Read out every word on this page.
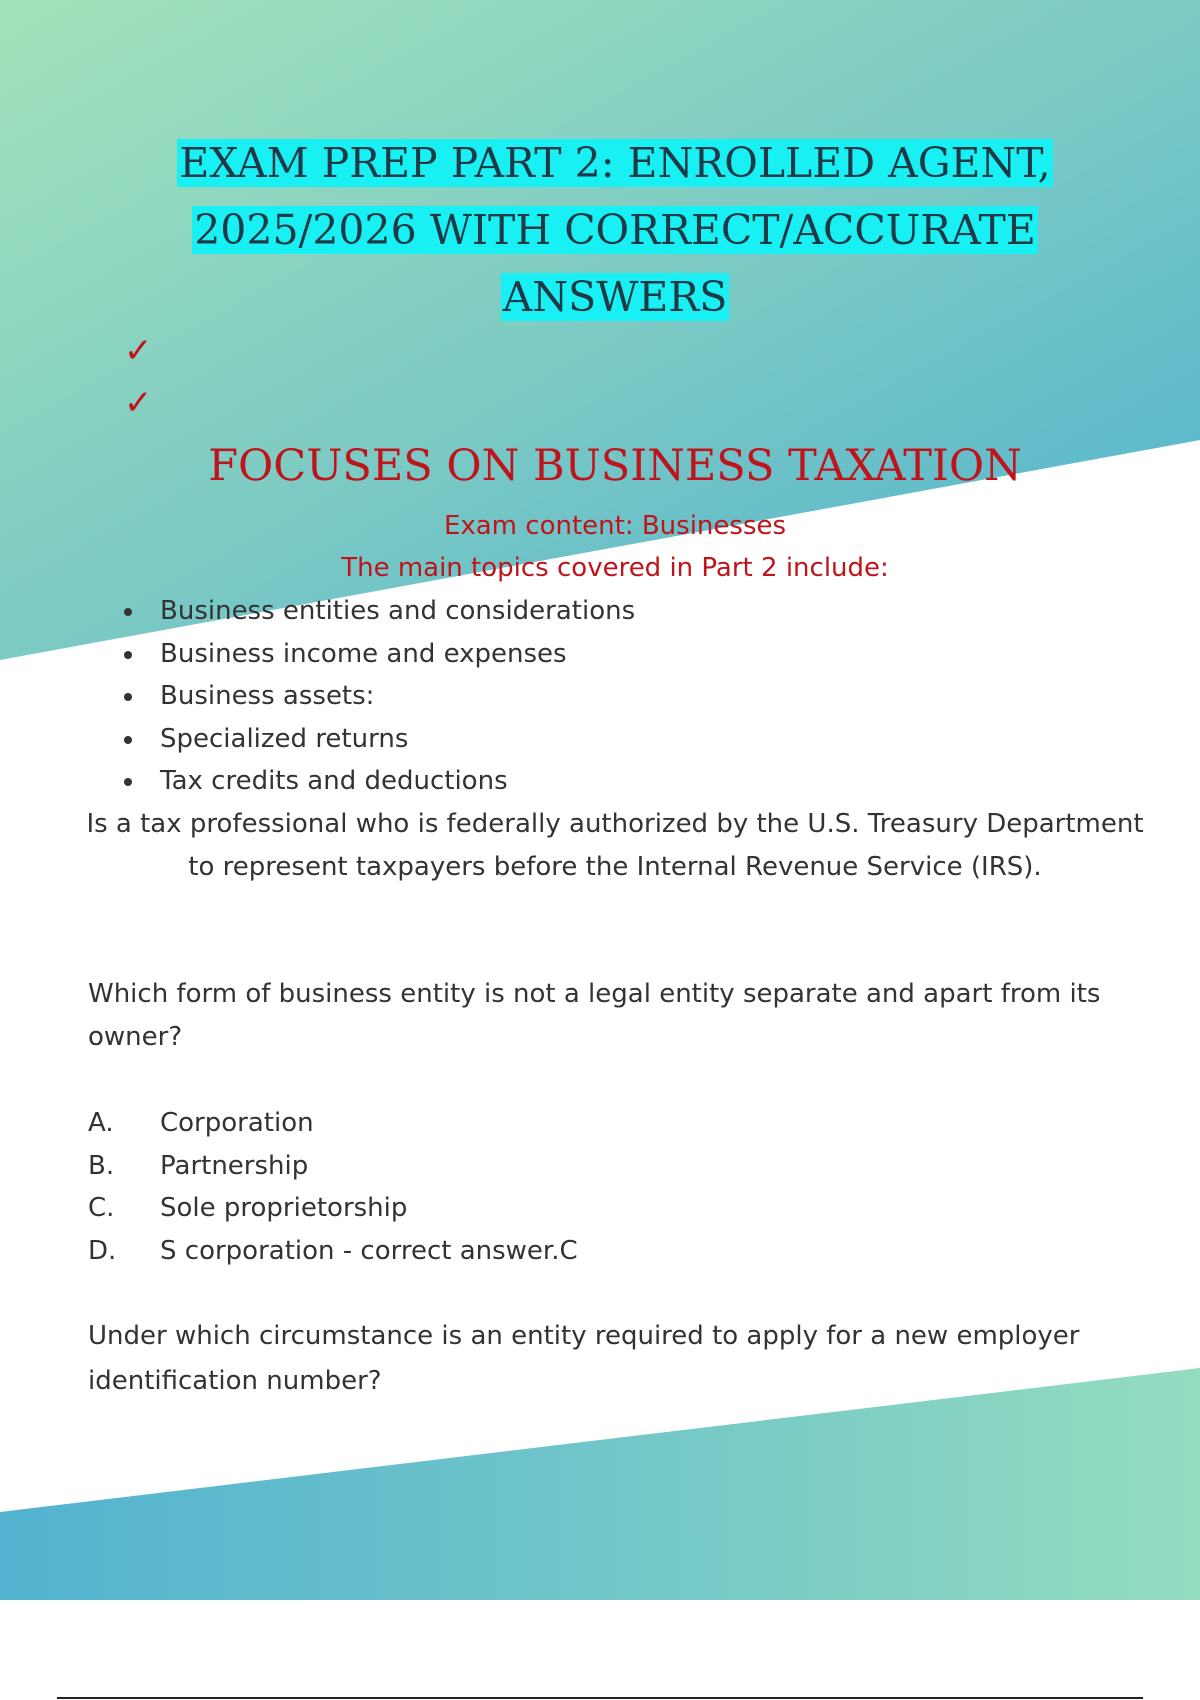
EXAM PREP PART 2: ENROLLED AGENT,
2025/2026 WITH CORRECT/ACCURATE
ANSWERS
✓
✓
FOCUSES ON BUSINESS TAXATION
Exam content: Businesses
The main topics covered in Part 2 include:
Business entities and considerations
Business income and expenses
Business assets:
Specialized returns
Tax credits and deductions

Is a tax professional who is federally authorized by the U.S. Treasury Department to represent taxpayers before the Internal Revenue Service (IRS).

Which form of business entity is not a legal entity separate and apart from its owner?

A.	Corporation
B.	Partnership
C.	Sole proprietorship
D.	S corporation - correct answer.C

Under which circumstance is an entity required to apply for a new employer identification number?
